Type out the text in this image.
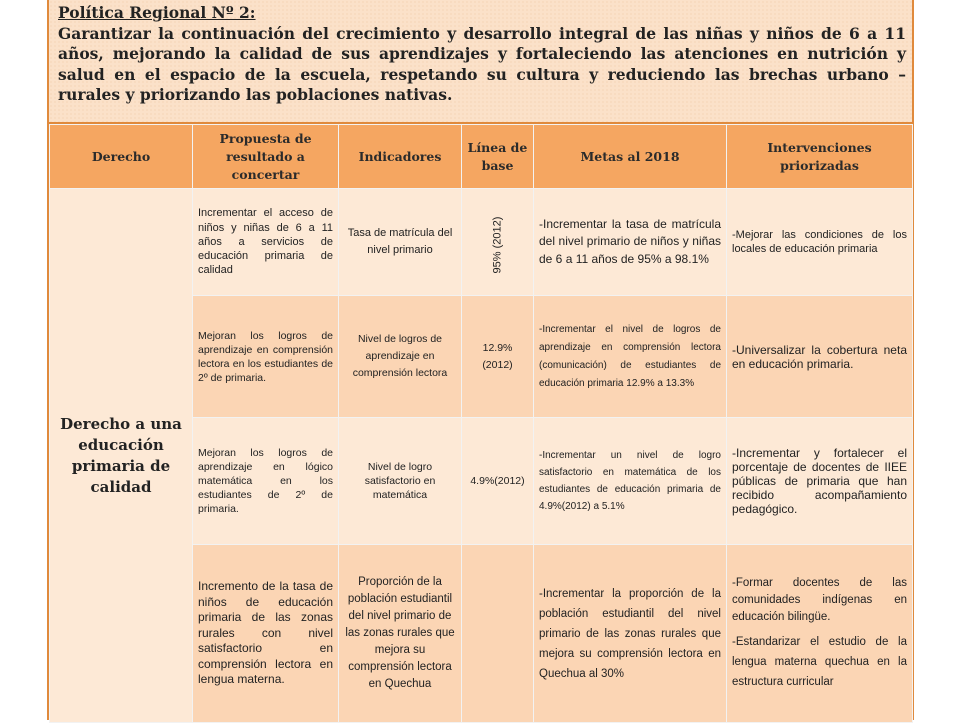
Política Regional Nº 2:
Garantizar la continuación del crecimiento y desarrollo integral de las niñas y niños de 6 a 11 años, mejorando la calidad de sus aprendizajes y fortaleciendo las atenciones en nutrición y salud en el espacio de la escuela, respetando su cultura y reduciendo las brechas urbano – rurales y priorizando las poblaciones nativas.
Derecho	Propuesta de resultado a concertar	Indicadores	Línea de base	Metas al 2018	Intervenciones priorizadas
Derecho a una educación primaria de calidad	Incrementar el acceso de niños y niñas de 6 a 11 años a servicios de educación primaria de calidad	Tasa de matrícula del nivel primario	95% (2012)	-Incrementar la tasa de matrícula del nivel primario de niños y niñas de 6 a 11 años de 95% a 98.1%	-Mejorar las condiciones de los locales de educación primaria

	Mejoran los logros de aprendizaje en comprensión lectora en los estudiantes de 2º de primaria.	Nivel de logros de aprendizaje en comprensión lectora	12.9% (2012)	-Incrementar el nivel de logros de aprendizaje en comprensión lectora (comunicación) de estudiantes de educación primaria 12.9% a 13.3%	-Universalizar la cobertura neta en educación primaria.

	Mejoran los logros de aprendizaje en lógico matemática en los estudiantes de 2º de primaria.	Nivel de logro satisfactorio en matemática	4.9%(2012)	-Incrementar un nivel de logro satisfactorio en matemática de los estudiantes de educación primaria de 4.9%(2012) a 5.1%	-Incrementar y fortalecer el porcentaje de docentes de IIEE públicas de primaria que han recibido acompañamiento pedagógico.

	Incremento de la tasa de niños de educación primaria de las zonas rurales con nivel satisfactorio en comprensión lectora en lengua materna.	Proporción de la población estudiantil del nivel primario de las zonas rurales que mejora su comprensión lectora en Quechua		-Incrementar la proporción de la población estudiantil del nivel primario de las zonas rurales que mejora su comprensión lectora en Quechua al 30%	-Formar docentes de las comunidades indígenas en educación bilingüe.

-Estandarizar el estudio de la lengua materna quechua en la estructura curricular
